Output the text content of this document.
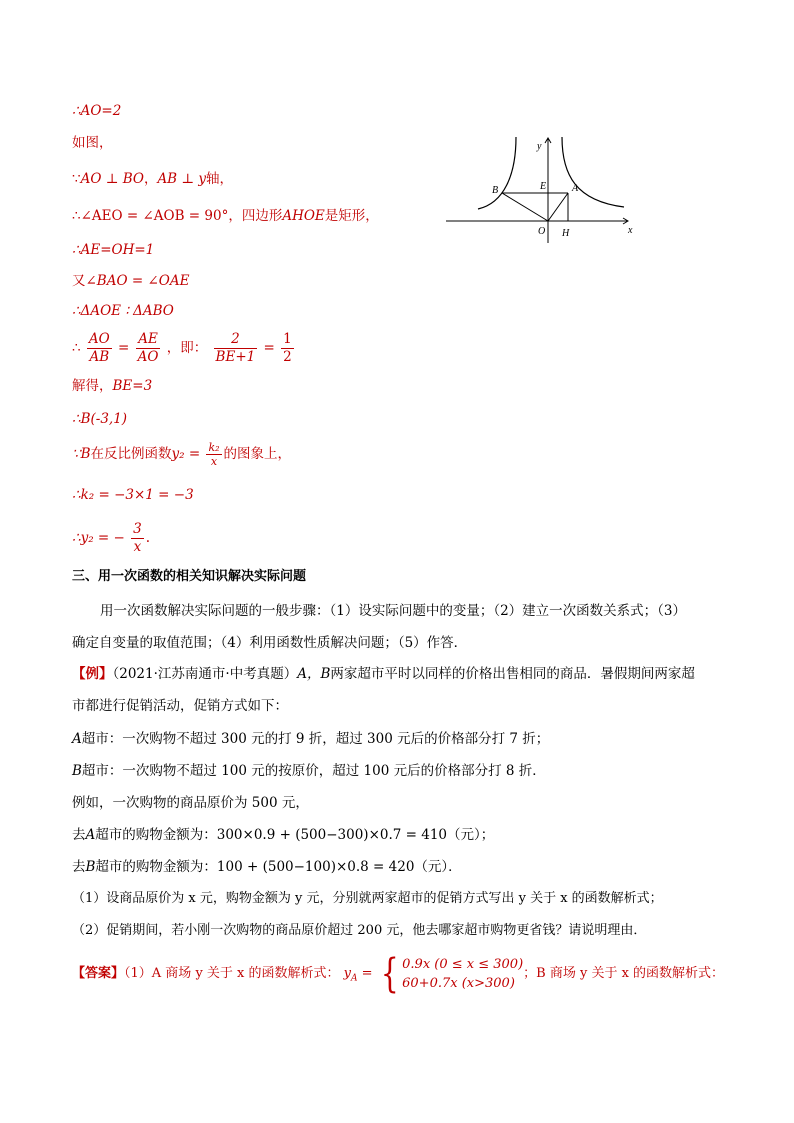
∴AO=2
如图，
∵AO ⊥ BO，AB ⊥ y轴，
∴∠AEO = ∠AOB = 90°，四边形AHOE是矩形，
∴AE=OH=1
又∠BAO = ∠OAE
∴ΔAOE ∶ ΔABO
∴ $\frac{AO}{AB} = \frac{AE}{AO}$ ，即： $\frac{2}{BE+1} = \frac{1}{2}$
解得，BE=3
∴B(-3,1)
∵B在反比例函数$y_2 = \frac{\text{k₂}}{x}$ 的图象上，
∴k₂ = −3×1 = −3
∴y₂ = − $\frac{3}{x}$ .
y
x
B	E	A
O H
三、用一次函数的相关知识解决实际问题
用一次函数解决实际问题的一般步骤：（1）设实际问题中的变量；（2）建立一次函数关系式；（3）
确定自变量的取值范围；（4）利用函数性质解决问题；（5）作答．
【例】（2021·江苏南通市·中考真题）A，B两家超市平时以同样的价格出售相同的商品．暑假期间两家超
市都进行促销活动，促销方式如下：
A超市：一次购物不超过 300 元的打 9 折，超过 300 元后的价格部分打 7 折；
B超市：一次购物不超过 100 元的按原价，超过 100 元后的价格部分打 8 折．
例如，一次购物的商品原价为 500 元，
去A超市的购物金额为：300×0.9 + (500−300)×0.7 = 410（元）；
去B超市的购物金额为：100 + (500−100)×0.8 = 420（元）．
（1）设商品原价为 x 元，购物金额为 y 元，分别就两家超市的促销方式写出 y 关于 x 的函数解析式；
（2）促销期间，若小刚一次购物的商品原价超过 200 元，他去哪家超市购物更省钱？请说明理由．
【答案】（1）A 商场 y 关于 x 的函数解析式： $y_A$ = { 0.9x (0 ≤ x ≤ 300)
60+0.7x (x>300)
；B 商场 y 关于 x 的函数解析式：
